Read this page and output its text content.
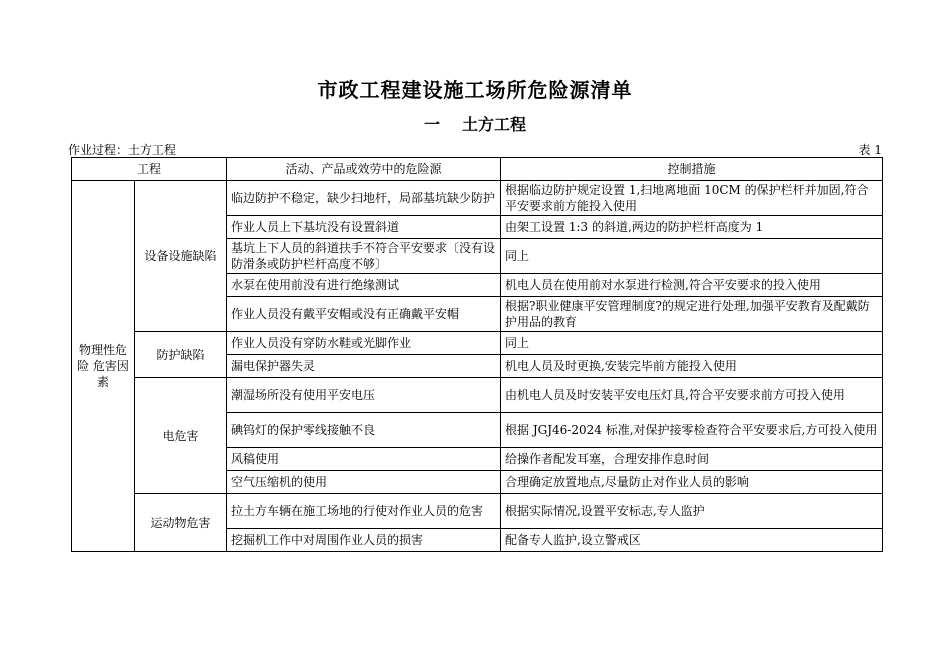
市政工程建设施工场所危险源清单
一 土方工程
作业过程：土方工程	表 1
工程		活动、产品或效劳中的危险源	控制措施
物理性危 险 危害因素	设备设施缺陷	临边防护不稳定，缺少扫地杆，局部基坑缺少防护	根据临边防护规定设置 1,扫地离地面 10CM 的保护栏杆并加固,符合平安要求前方能投入使用
		作业人员上下基坑没有设置斜道	由架工设置 1:3 的斜道,两边的防护栏杆高度为 1
		基坑上下人员的斜道扶手不符合平安要求〔没有设防滑条或防护栏杆高度不够〕	同上
		水泵在使用前没有进行绝缘测试	机电人员在使用前对水泵进行检测,符合平安要求的投入使用
		作业人员没有戴平安帽或没有正确戴平安帽	根据?职业健康平安管理制度?的规定进行处理,加强平安教育及配戴防护用品的教育
	防护缺陷	作业人员没有穿防水鞋或光脚作业	同上
		漏电保护器失灵	机电人员及时更换,安装完毕前方能投入使用
	电危害	潮湿场所没有使用平安电压	由机电人员及时安装平安电压灯具,符合平安要求前方可投入使用
		碘钨灯的保护零线接触不良	根据 JGJ46-2024 标准,对保护接零检查符合平安要求后,方可投入使用
		风稿使用	给操作者配发耳塞，合理安排作息时间
		空气压缩机的使用	合理确定放置地点,尽量防止对作业人员的影响
	运动物危害	拉土方车辆在施工场地的行使对作业人员的危害	根据实际情况,设置平安标志,专人监护
		挖掘机工作中对周围作业人员的损害	配备专人监护,设立警戒区
